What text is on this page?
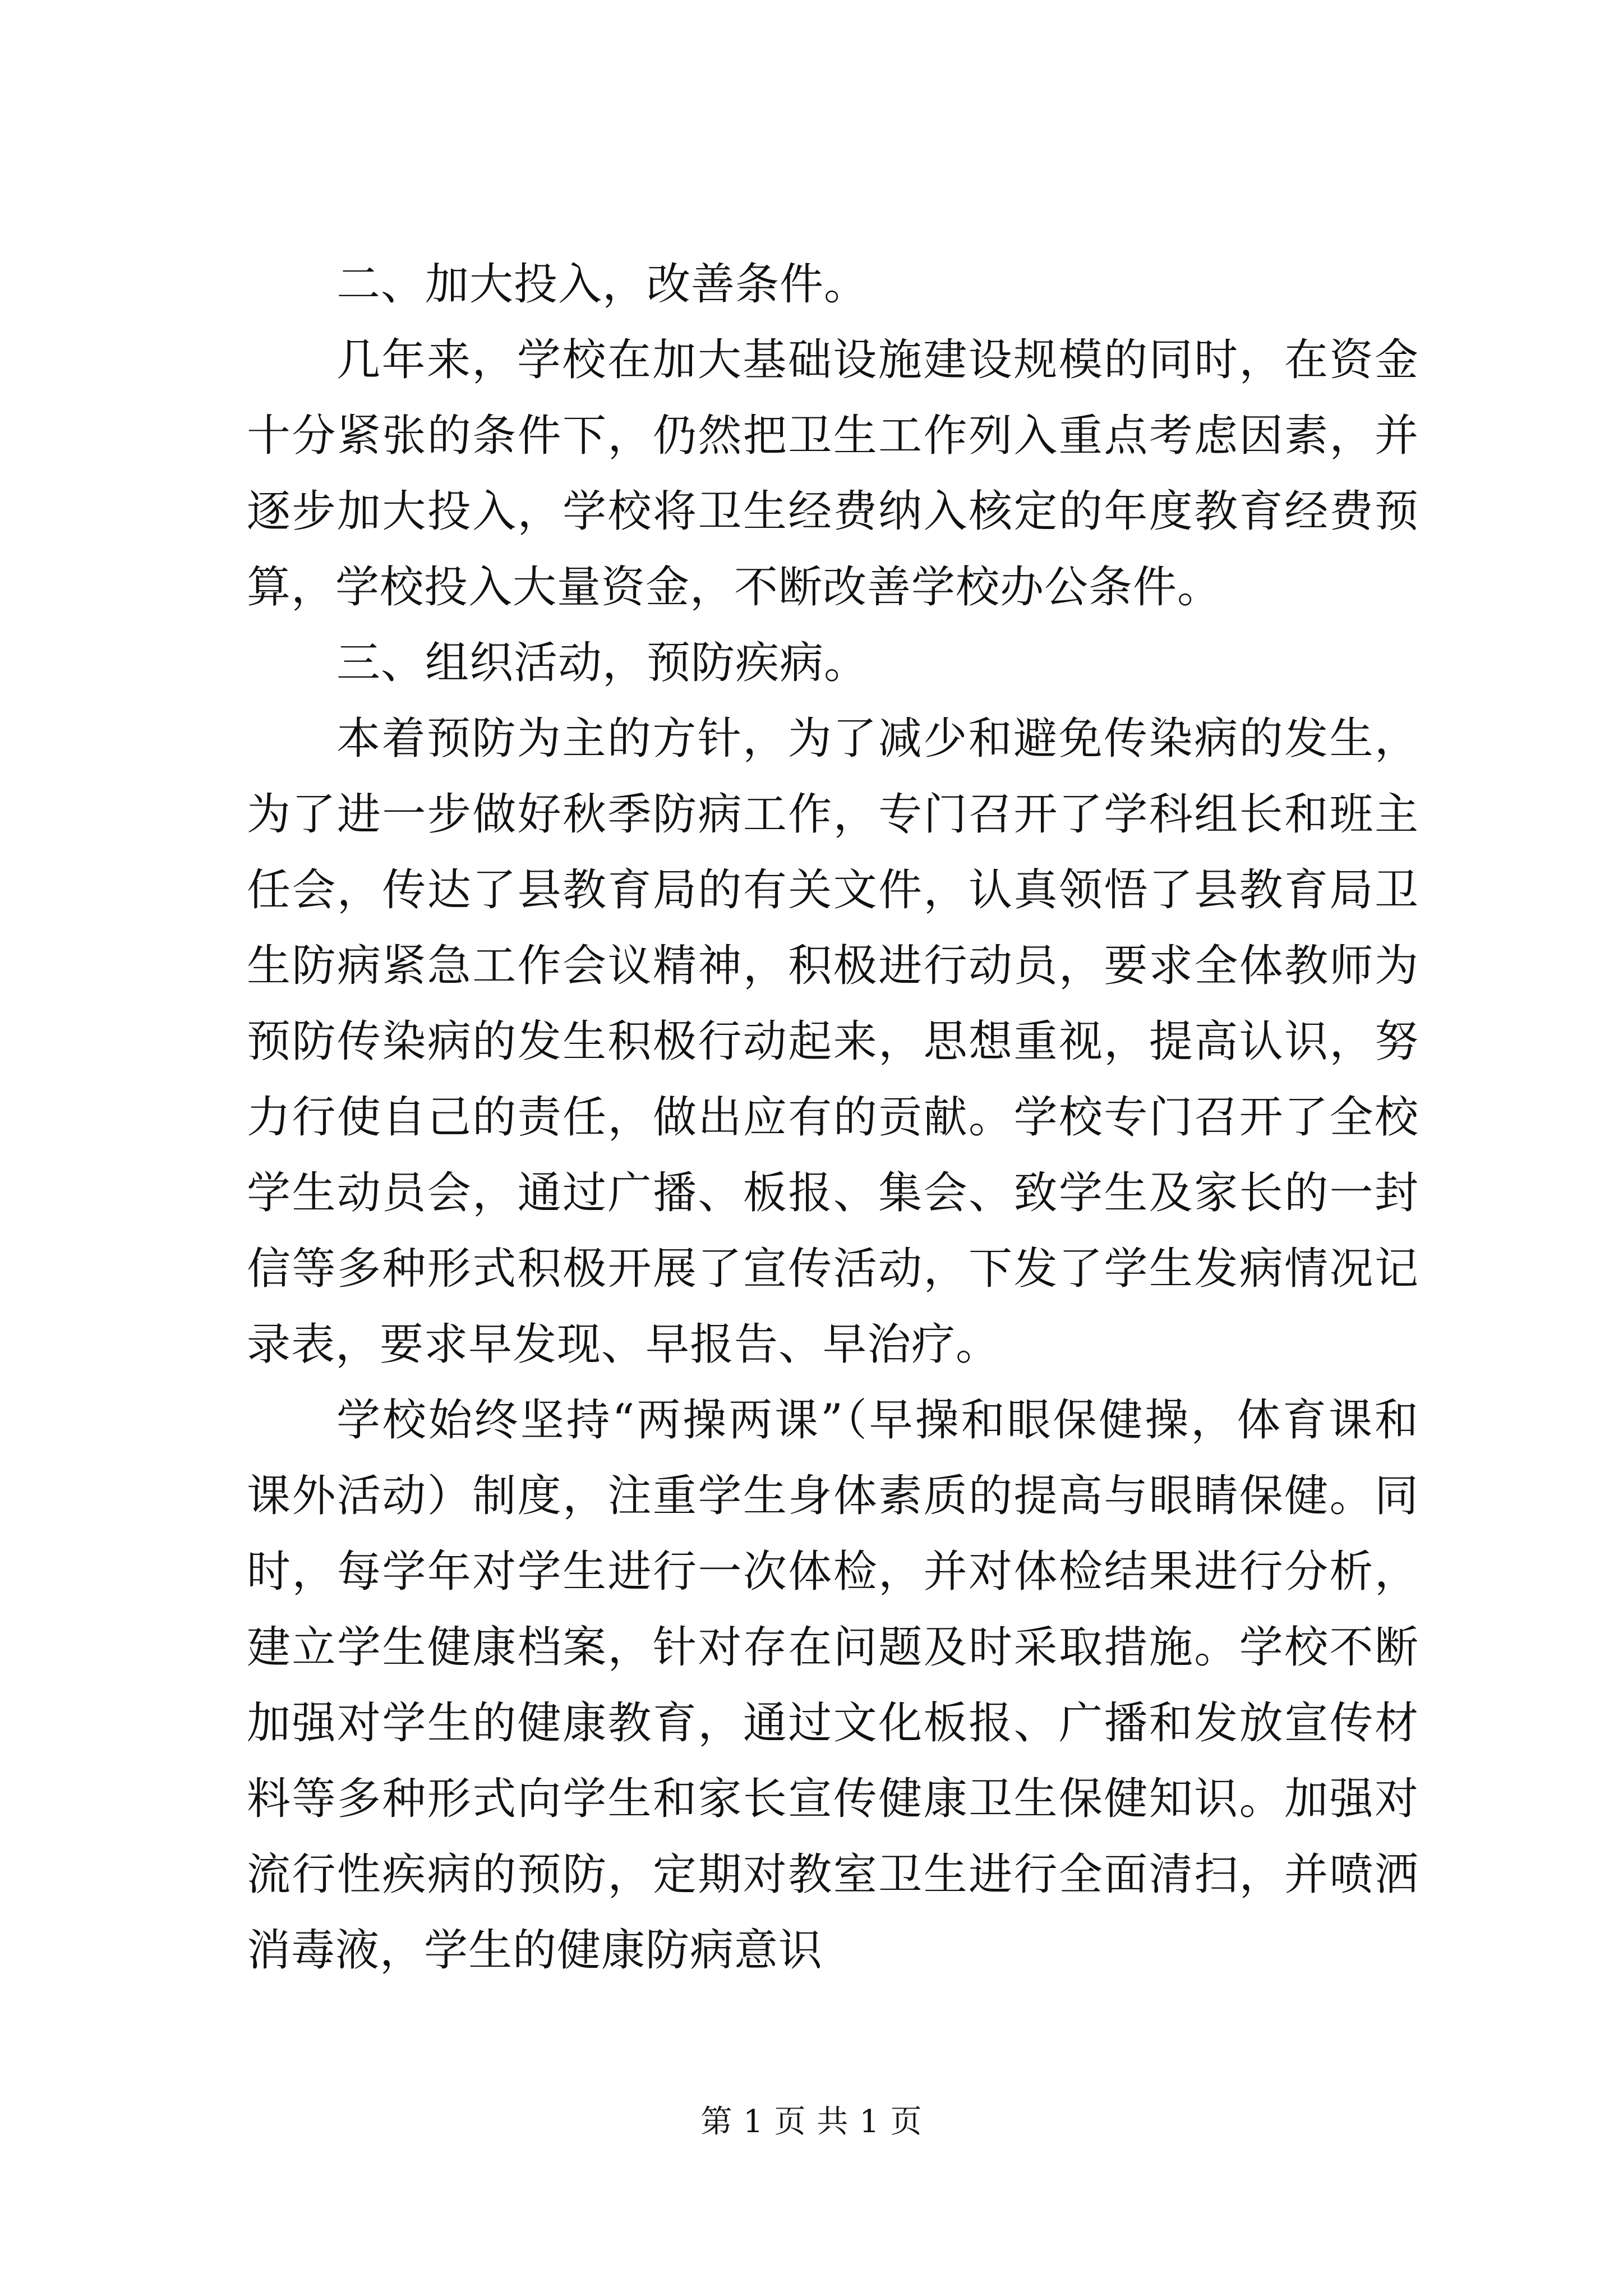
二、加大投入，改善条件。

几年来，学校在加大基础设施建设规模的同时，在资金十分紧张的条件下，仍然把卫生工作列入重点考虑因素，并逐步加大投入，学校将卫生经费纳入核定的年度教育经费预算，学校投入大量资金，不断改善学校办公条件。

三、组织活动，预防疾病。

本着预防为主的方针，为了减少和避免传染病的发生，为了进一步做好秋季防病工作，专门召开了学科组长和班主任会，传达了县教育局的有关文件，认真领悟了县教育局卫生防病紧急工作会议精神，积极进行动员，要求全体教师为预防传染病的发生积极行动起来，思想重视，提高认识，努力行使自己的责任，做出应有的贡献。学校专门召开了全校学生动员会，通过广播、板报、集会、致学生及家长的一封信等多种形式积极开展了宣传活动，下发了学生发病情况记录表，要求早发现、早报告、早治疗。

学校始终坚持“两操两课”（早操和眼保健操，体育课和课外活动）制度，注重学生身体素质的提高与眼睛保健。同时，每学年对学生进行一次体检，并对体检结果进行分析，建立学生健康档案，针对存在问题及时采取措施。学校不断加强对学生的健康教育，通过文化板报、广播和发放宣传材料等多种形式向学生和家长宣传健康卫生保健知识。加强对流行性疾病的预防，定期对教室卫生进行全面清扫，并喷洒消毒液，学生的健康防病意识

第 1 页 共 1 页
